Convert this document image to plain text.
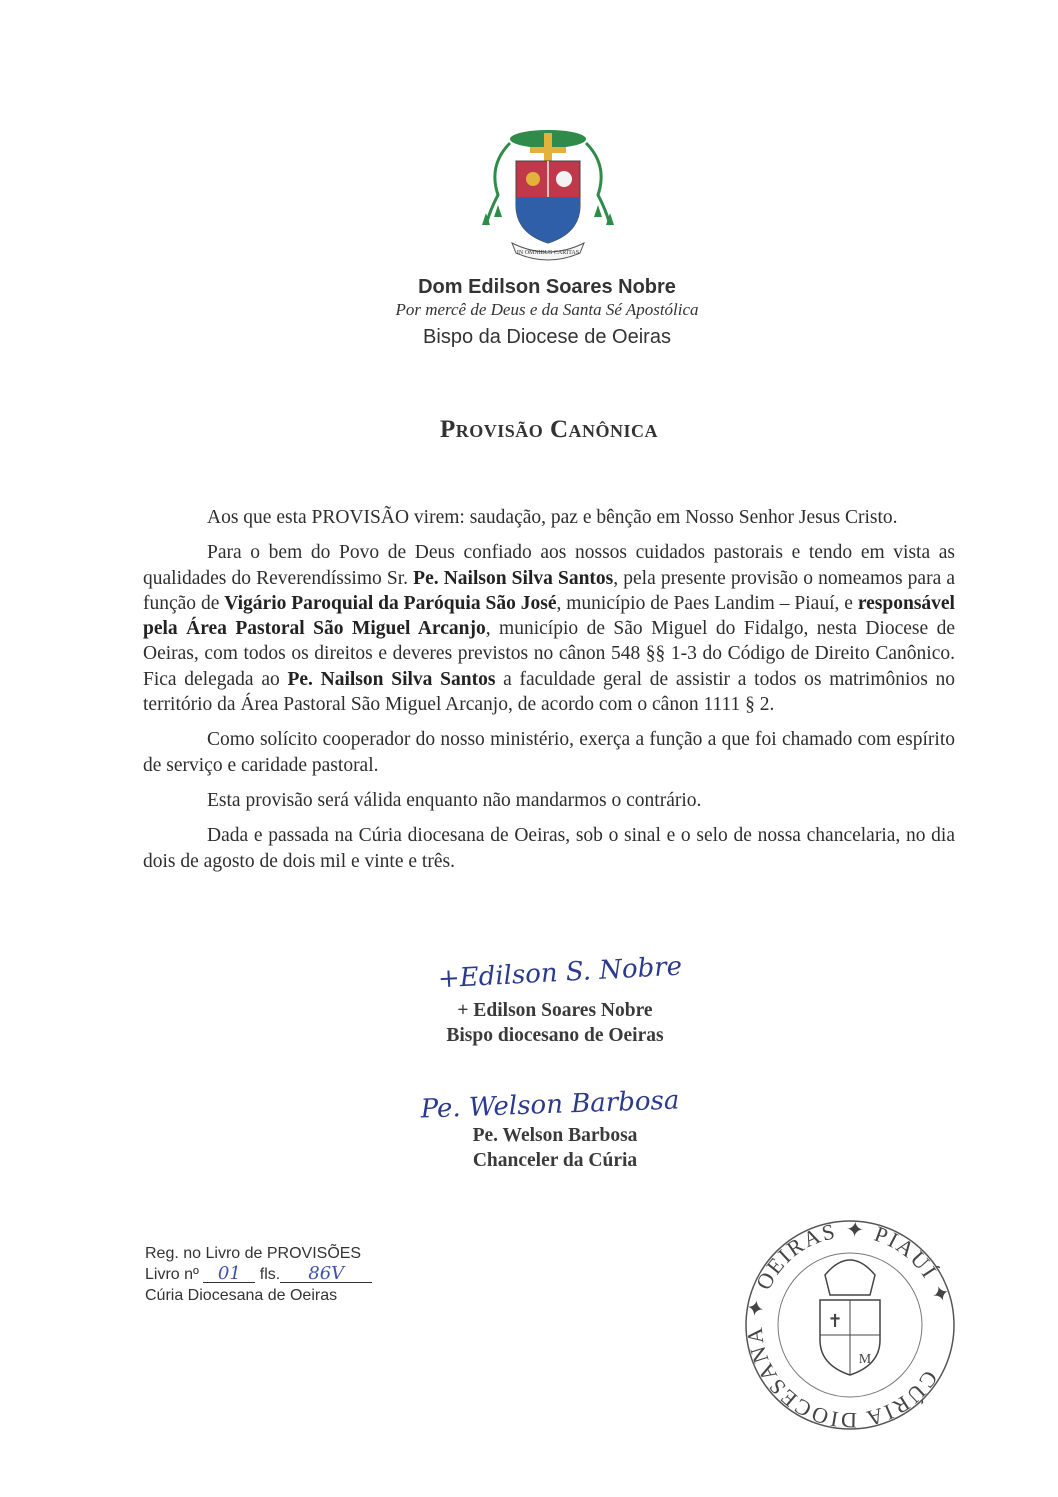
IN OMNIBUS CARITAS
Dom Edilson Soares Nobre
Por mercê de Deus e da Santa Sé Apostólica
Bispo da Diocese de Oeiras
Provisão Canônica

Aos que esta PROVISÃO virem: saudação, paz e bênção em Nosso Senhor Jesus Cristo.

Para o bem do Povo de Deus confiado aos nossos cuidados pastorais e tendo em vista as qualidades do Reverendíssimo Sr. Pe. Nailson Silva Santos, pela presente provisão o nomeamos para a função de Vigário Paroquial da Paróquia São José, município de Paes Landim – Piauí, e responsável pela Área Pastoral São Miguel Arcanjo, município de São Miguel do Fidalgo, nesta Diocese de Oeiras, com todos os direitos e deveres previstos no cânon 548 §§ 1-3 do Código de Direito Canônico. Fica delegada ao Pe. Nailson Silva Santos a faculdade geral de assistir a todos os matrimônios no território da Área Pastoral São Miguel Arcanjo, de acordo com o cânon 1111 § 2.

Como solícito cooperador do nosso ministério, exerça a função a que foi chamado com espírito de serviço e caridade pastoral.

Esta provisão será válida enquanto não mandarmos o contrário.

Dada e passada na Cúria diocesana de Oeiras, sob o sinal e o selo de nossa chancelaria, no dia dois de agosto de dois mil e vinte e três.

+Edilson S. Nobre
+ Edilson Soares Nobre
Bispo diocesano de Oeiras
Pe. Welson Barbosa
Pe. Welson Barbosa
Chanceler da Cúria
Reg. no Livro de PROVISÕES
Livro nº 01 fls. 86V
Cúria Diocesana de Oeiras
CÚRIA DIOCESANA ✦ OEIRAS ✦ PIAUÍ ✦
✝
M
